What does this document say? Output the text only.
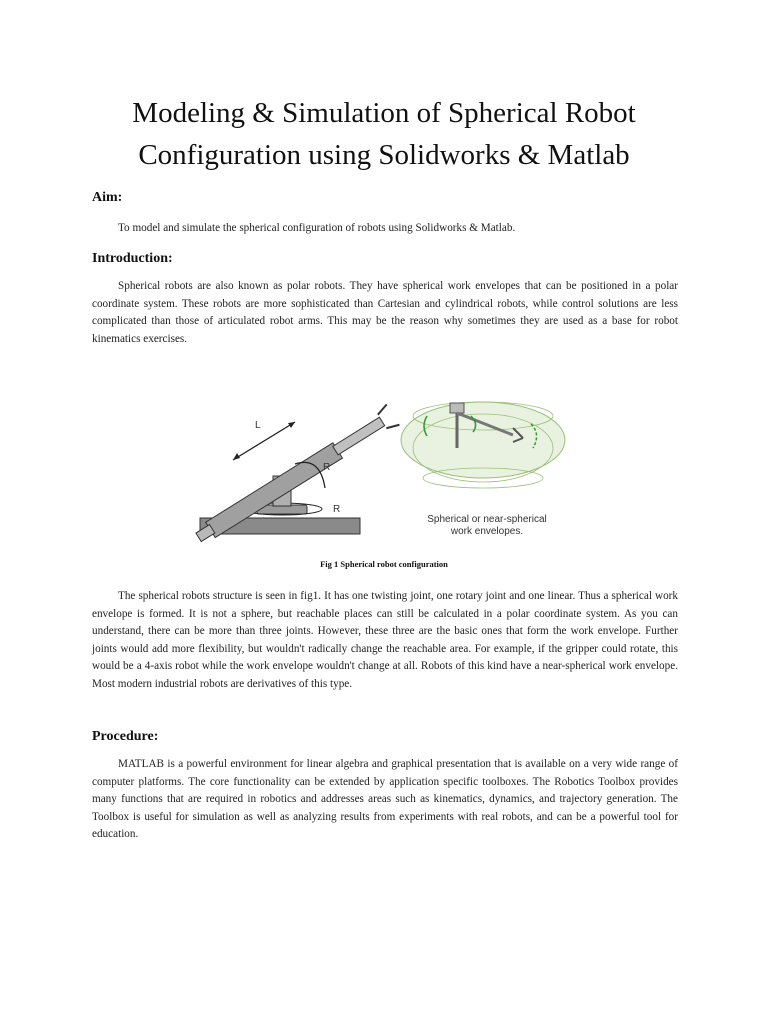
Modeling & Simulation of Spherical Robot
Configuration using Solidworks & Matlab
Aim:
To model and simulate the spherical configuration of robots using Solidworks & Matlab.
Introduction:
Spherical robots are also known as polar robots. They have spherical work envelopes that can be positioned in a polar coordinate system. These robots are more sophisticated than Cartesian and cylindrical robots, while control solutions are less complicated than those of articulated robot arms. This may be the reason why sometimes they are used as a base for robot kinematics exercises.
L
R
R
Spherical or near-spherical
work envelopes.
Fig 1 Spherical robot configuration
The spherical robots structure is seen in fig1. It has one twisting joint, one rotary joint and one linear. Thus a spherical work envelope is formed. It is not a sphere, but reachable places can still be calculated in a polar coordinate system. As you can understand, there can be more than three joints. However, these three are the basic ones that form the work envelope. Further joints would add more flexibility, but wouldn't radically change the reachable area. For example, if the gripper could rotate, this would be a 4-axis robot while the work envelope wouldn't change at all. Robots of this kind have a near-spherical work envelope. Most modern industrial robots are derivatives of this type.
Procedure:
MATLAB is a powerful environment for linear algebra and graphical presentation that is available on a very wide range of computer platforms. The core functionality can be extended by application specific toolboxes. The Robotics Toolbox provides many functions that are required in robotics and addresses areas such as kinematics, dynamics, and trajectory generation. The Toolbox is useful for simulation as well as analyzing results from experiments with real robots, and can be a powerful tool for education.
